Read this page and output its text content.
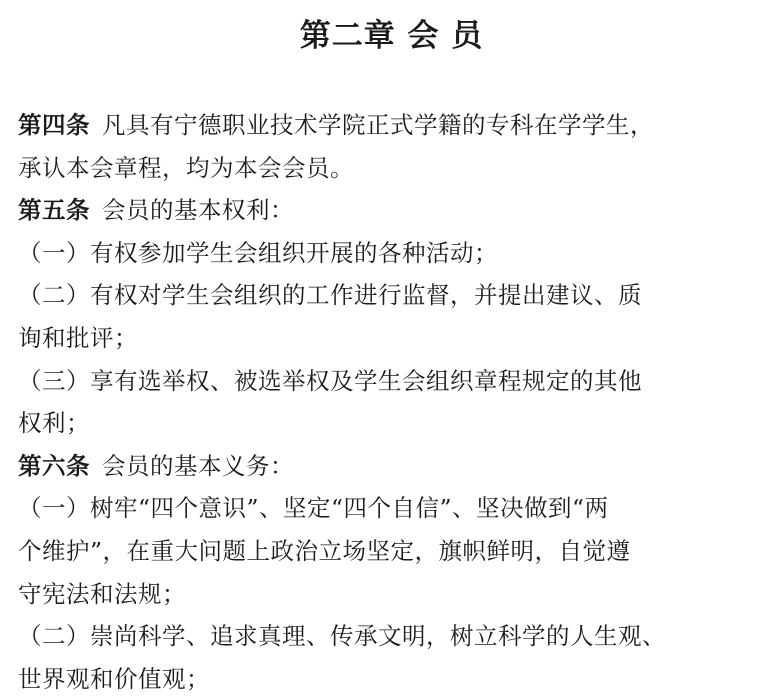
第二章 会 员
第四条 凡具有宁德职业技术学院正式学籍的专科在学学生，
承认本会章程，均为本会会员。
第五条 会员的基本权利：
（一）有权参加学生会组织开展的各种活动；
（二）有权对学生会组织的工作进行监督，并提出建议、质
询和批评；
（三）享有选举权、被选举权及学生会组织章程规定的其他
权利；
第六条 会员的基本义务：
（一）树牢“四个意识”、坚定“四个自信”、坚决做到“两
个维护”，在重大问题上政治立场坚定，旗帜鲜明，自觉遵
守宪法和法规；
（二）崇尚科学、追求真理、传承文明，树立科学的人生观、
世界观和价值观；
